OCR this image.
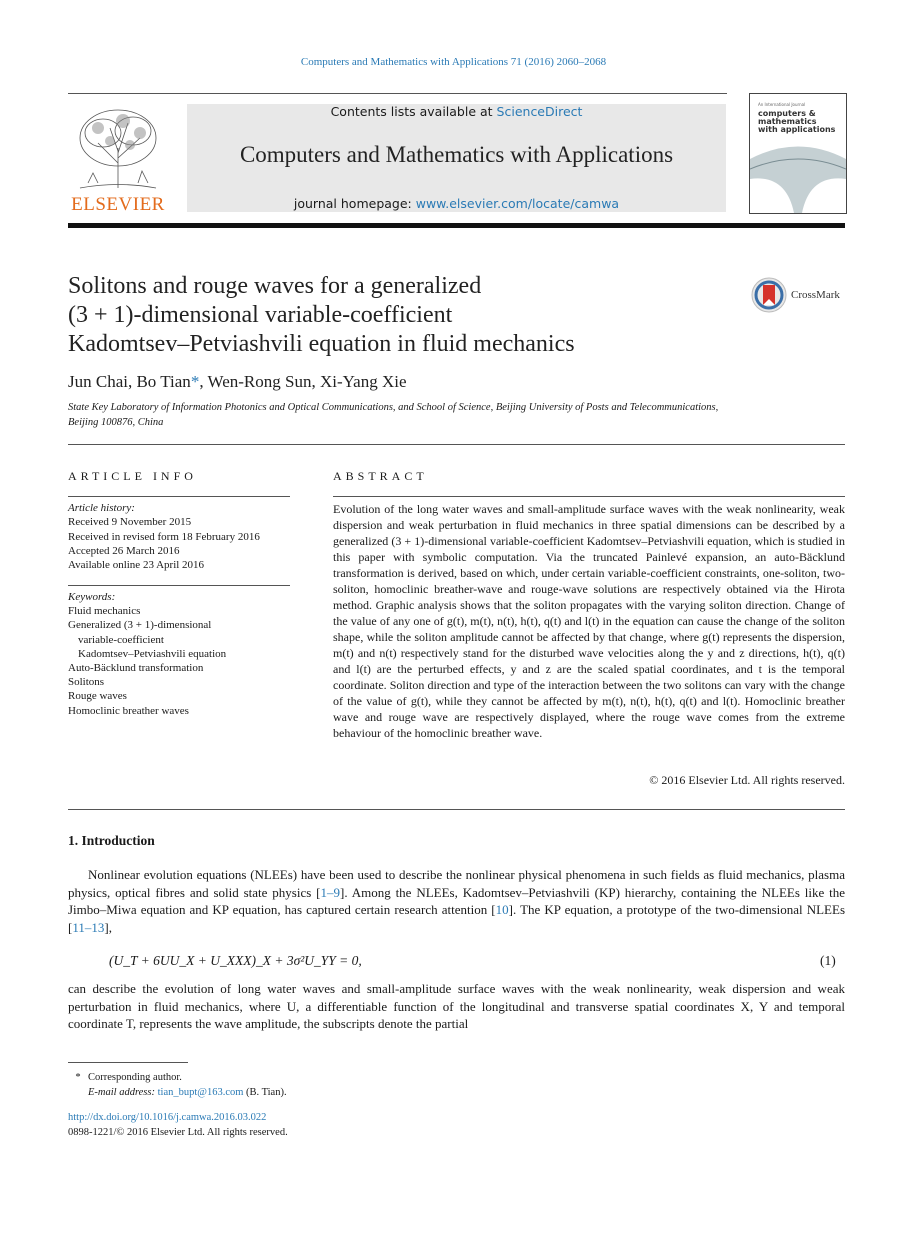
Computers and Mathematics with Applications 71 (2016) 2060–2068
ELSEVIER
Contents lists available at ScienceDirect
Computers and Mathematics with Applications
journal homepage: www.elsevier.com/locate/camwa
An International Journal
computers & mathematics with applications
Solitons and rouge waves for a generalized
(3 + 1)-dimensional variable-coefficient
Kadomtsev–Petviashvili equation in fluid mechanics
CrossMark
Jun Chai, Bo Tian*, Wen-Rong Sun, Xi-Yang Xie
State Key Laboratory of Information Photonics and Optical Communications, and School of Science, Beijing University of Posts and Telecommunications, Beijing 100876, China
ARTICLE INFO	ABSTRACT
Article history:
Received 9 November 2015
Received in revised form 18 February 2016
Accepted 26 March 2016
Available online 23 April 2016
Keywords:
Fluid mechanics
Generalized (3 + 1)-dimensional
variable-coefficient
Kadomtsev–Petviashvili equation
Auto-Bäcklund transformation
Solitons
Rouge waves
Homoclinic breather waves
Evolution of the long water waves and small-amplitude surface waves with the weak nonlinearity, weak dispersion and weak perturbation in fluid mechanics in three spatial dimensions can be described by a generalized (3 + 1)-dimensional variable-coefficient Kadomtsev–Petviashvili equation, which is studied in this paper with symbolic computation. Via the truncated Painlevé expansion, an auto-Bäcklund transformation is derived, based on which, under certain variable-coefficient constraints, one-soliton, two-soliton, homoclinic breather-wave and rouge-wave solutions are respectively obtained via the Hirota method. Graphic analysis shows that the soliton propagates with the varying soliton direction. Change of the value of any one of g(t), m(t), n(t), h(t), q(t) and l(t) in the equation can cause the change of the soliton shape, while the soliton amplitude cannot be affected by that change, where g(t) represents the dispersion, m(t) and n(t) respectively stand for the disturbed wave velocities along the y and z directions, h(t), q(t) and l(t) are the perturbed effects, y and z are the scaled spatial coordinates, and t is the temporal coordinate. Soliton direction and type of the interaction between the two solitons can vary with the change of the value of g(t), while they cannot be affected by m(t), n(t), h(t), q(t) and l(t). Homoclinic breather wave and rouge wave are respectively displayed, where the rouge wave comes from the extreme behaviour of the homoclinic breather wave.
© 2016 Elsevier Ltd. All rights reserved.
1. Introduction
Nonlinear evolution equations (NLEEs) have been used to describe the nonlinear physical phenomena in such fields as fluid mechanics, plasma physics, optical fibres and solid state physics [1–9]. Among the NLEEs, Kadomtsev–Petviashvili (KP) hierarchy, containing the NLEEs like the Jimbo–Miwa equation and KP equation, has captured certain research attention [10]. The KP equation, a prototype of the two-dimensional NLEEs [11–13],
(U_T + 6UU_X + U_XXX)_X + 3σ²U_YY = 0,	(1)
can describe the evolution of long water waves and small-amplitude surface waves with the weak nonlinearity, weak dispersion and weak perturbation in fluid mechanics, where U, a differentiable function of the longitudinal and transverse spatial coordinates X, Y and temporal coordinate T, represents the wave amplitude, the subscripts denote the partial
* Corresponding author.
E-mail address: tian_bupt@163.com (B. Tian).
http://dx.doi.org/10.1016/j.camwa.2016.03.022
0898-1221/© 2016 Elsevier Ltd. All rights reserved.
